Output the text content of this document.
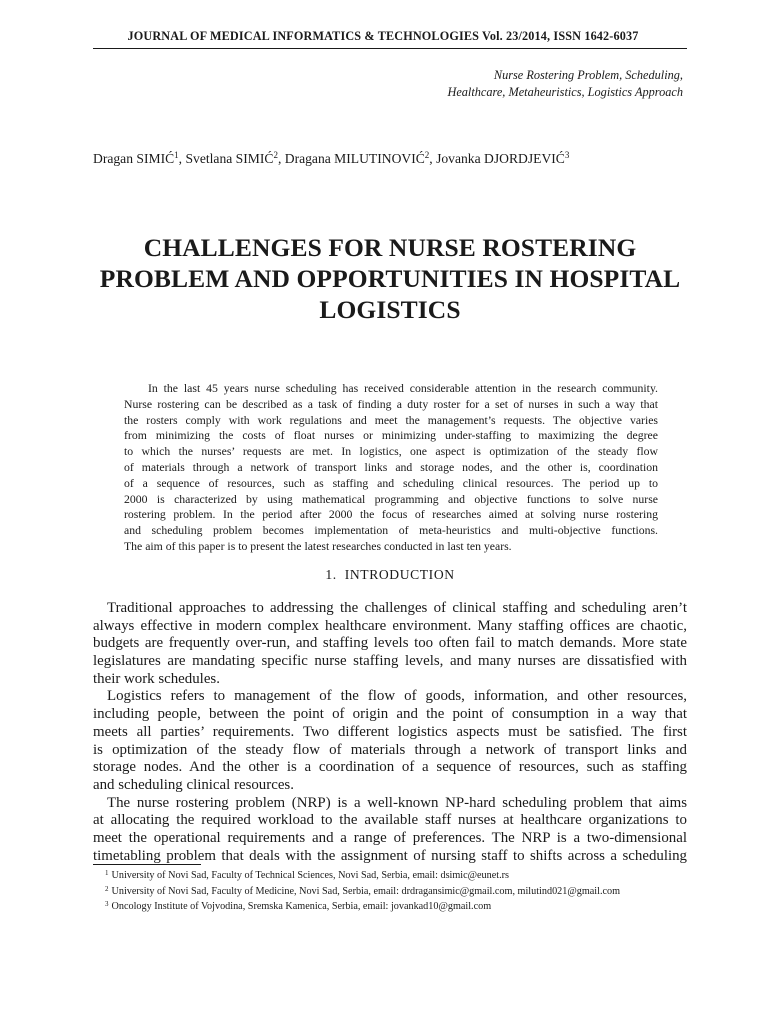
JOURNAL OF MEDICAL INFORMATICS & TECHNOLOGIES Vol. 23/2014, ISSN 1642-6037
Nurse Rostering Problem, Scheduling,
Healthcare, Metaheuristics, Logistics Approach
Dragan SIMIĆ$^1$, Svetlana SIMIĆ$^2$, Dragana MILUTINOVIĆ$^2$, Jovanka DJORDJEVIĆ$^3$
CHALLENGES FOR NURSE ROSTERING
PROBLEM AND OPPORTUNITIES IN HOSPITAL
LOGISTICS
In the last 45 years nurse scheduling has received considerable attention in the research community.
Nurse rostering can be described as a task of finding a duty roster for a set of nurses in such a way that
the rosters comply with work regulations and meet the management’s requests. The objective varies
from minimizing the costs of float nurses or minimizing under-staffing to maximizing the degree
to which the nurses’ requests are met. In logistics, one aspect is optimization of the steady flow
of materials through a network of transport links and storage nodes, and the other is, coordination
of a sequence of resources, such as staffing and scheduling clinical resources. The period up to
2000 is characterized by using mathematical programming and objective functions to solve nurse
rostering problem. In the period after 2000 the focus of researches aimed at solving nurse rostering
and scheduling problem becomes implementation of meta-heuristics and multi-objective functions.
The aim of this paper is to present the latest researches conducted in last ten years.
1. INTRODUCTION
Traditional approaches to addressing the challenges of clinical staffing and scheduling aren’t
always effective in modern complex healthcare environment. Many staffing offices are chaotic,
budgets are frequently over-run, and staffing levels too often fail to match demands. More state
legislatures are mandating specific nurse staffing levels, and many nurses are dissatisfied with
their work schedules.
Logistics refers to management of the flow of goods, information, and other resources,
including people, between the point of origin and the point of consumption in a way that
meets all parties’ requirements. Two different logistics aspects must be satisfied. The first
is optimization of the steady flow of materials through a network of transport links and
storage nodes. And the other is a coordination of a sequence of resources, such as staffing
and scheduling clinical resources.
The nurse rostering problem (NRP) is a well-known NP-hard scheduling problem that aims
at allocating the required workload to the available staff nurses at healthcare organizations to
meet the operational requirements and a range of preferences. The NRP is a two-dimensional
timetabling problem that deals with the assignment of nursing staff to shifts across a scheduling
$^1$ University of Novi Sad, Faculty of Technical Sciences, Novi Sad, Serbia, email: dsimic@eunet.rs
$^2$ University of Novi Sad, Faculty of Medicine, Novi Sad, Serbia, email: drdragansimic@gmail.com, milutind021@gmail.com
$^3$ Oncology Institute of Vojvodina, Sremska Kamenica, Serbia, email: jovankad10@gmail.com
